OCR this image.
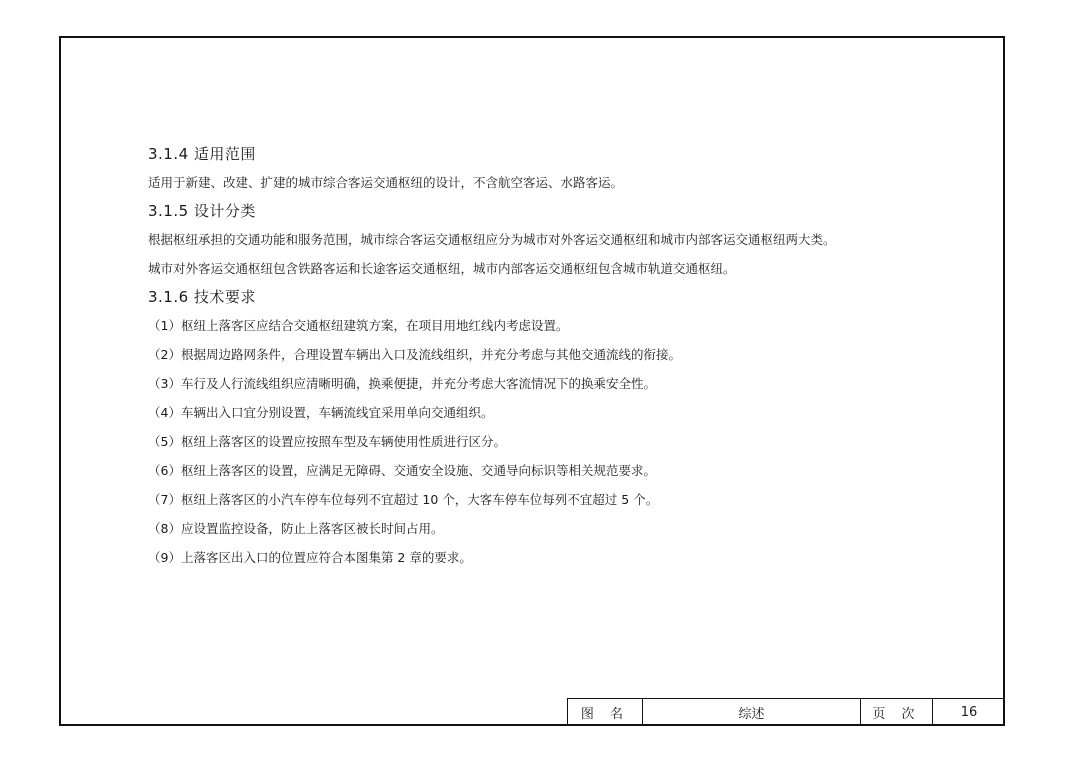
3.1.4 适用范围
适用于新建、改建、扩建的城市综合客运交通枢纽的设计，不含航空客运、水路客运。
3.1.5 设计分类
根据枢纽承担的交通功能和服务范围，城市综合客运交通枢纽应分为城市对外客运交通枢纽和城市内部客运交通枢纽两大类。
城市对外客运交通枢纽包含铁路客运和长途客运交通枢纽，城市内部客运交通枢纽包含城市轨道交通枢纽。
3.1.6 技术要求
（1）枢纽上落客区应结合交通枢纽建筑方案，在项目用地红线内考虑设置。
（2）根据周边路网条件，合理设置车辆出入口及流线组织，并充分考虑与其他交通流线的衔接。
（3）车行及人行流线组织应清晰明确，换乘便捷，并充分考虑大客流情况下的换乘安全性。
（4）车辆出入口宜分别设置，车辆流线宜采用单向交通组织。
（5）枢纽上落客区的设置应按照车型及车辆使用性质进行区分。
（6）枢纽上落客区的设置，应满足无障碍、交通安全设施、交通导向标识等相关规范要求。
（7）枢纽上落客区的小汽车停车位每列不宜超过 10 个，大客车停车位每列不宜超过 5 个。
（8）应设置监控设备，防止上落客区被长时间占用。
（9）上落客区出入口的位置应符合本图集第 2 章的要求。
图 名	综述	页 次	16
